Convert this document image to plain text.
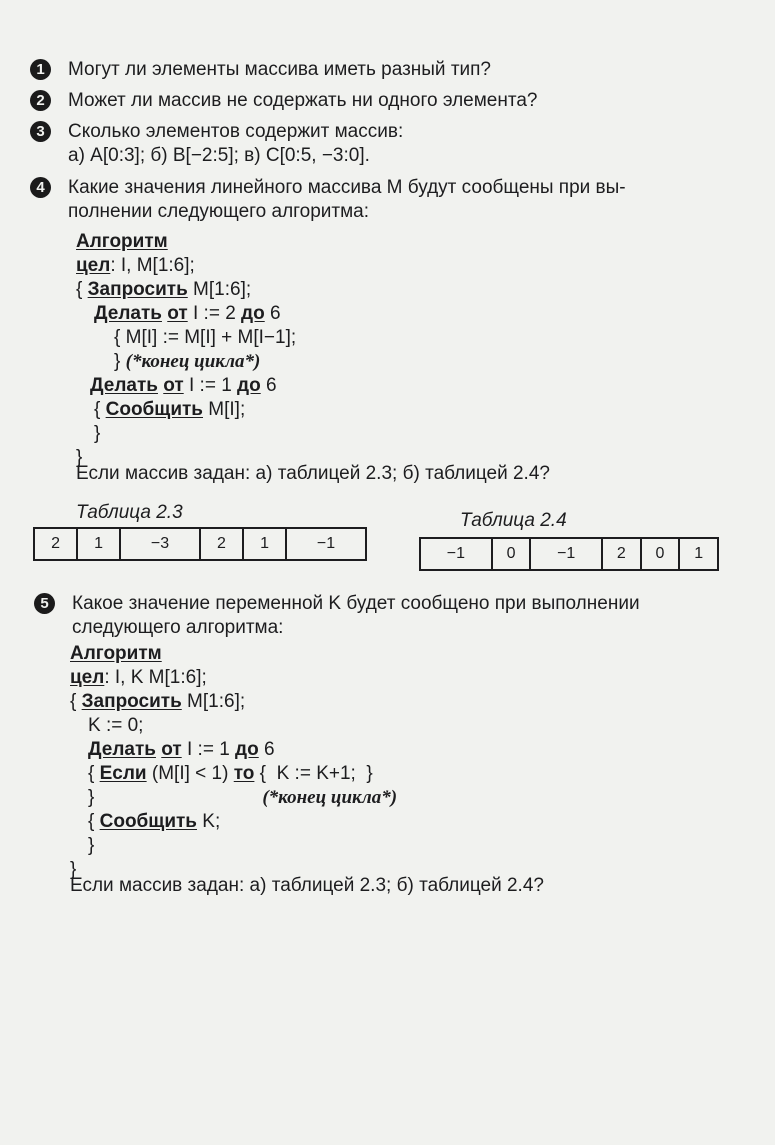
1	Могут ли элементы массива иметь разный тип?
2	Может ли массив не содержать ни одного элемента?
3	Сколько элементов содержит массив:
а) A[0:3]; б) B[−2:5]; в) C[0:5, −3:0].
4	Какие значения линейного массива M будут сообщены при вы-
полнении следующего алгоритма:
Алгоритм
цел: I, M[1:6];
{ Запросить M[1:6];
Делать от I := 2 до 6
{ M[I] := M[I] + M[I−1];
} (*конец цикла*)
Делать от I := 1 до 6
{ Сообщить M[I];
}
}
Если массив задан: а) таблицей 2.3; б) таблицей 2.4?
Таблица 2.3
2	1	−3	2	1	−1
Таблица 2.4
−1	0	−1	2	0	1
5	Какое значение переменной K будет сообщено при выполнении
следующего алгоритма:
Алгоритм
цел: I, K M[1:6];
{ Запросить M[1:6];
K := 0;
Делать от I := 1 до 6
{ Если (M[I] < 1) то {  K := K+1;  }
}	(*конец цикла*)
{ Сообщить K;
}
}
Если массив задан: а) таблицей 2.3; б) таблицей 2.4?
